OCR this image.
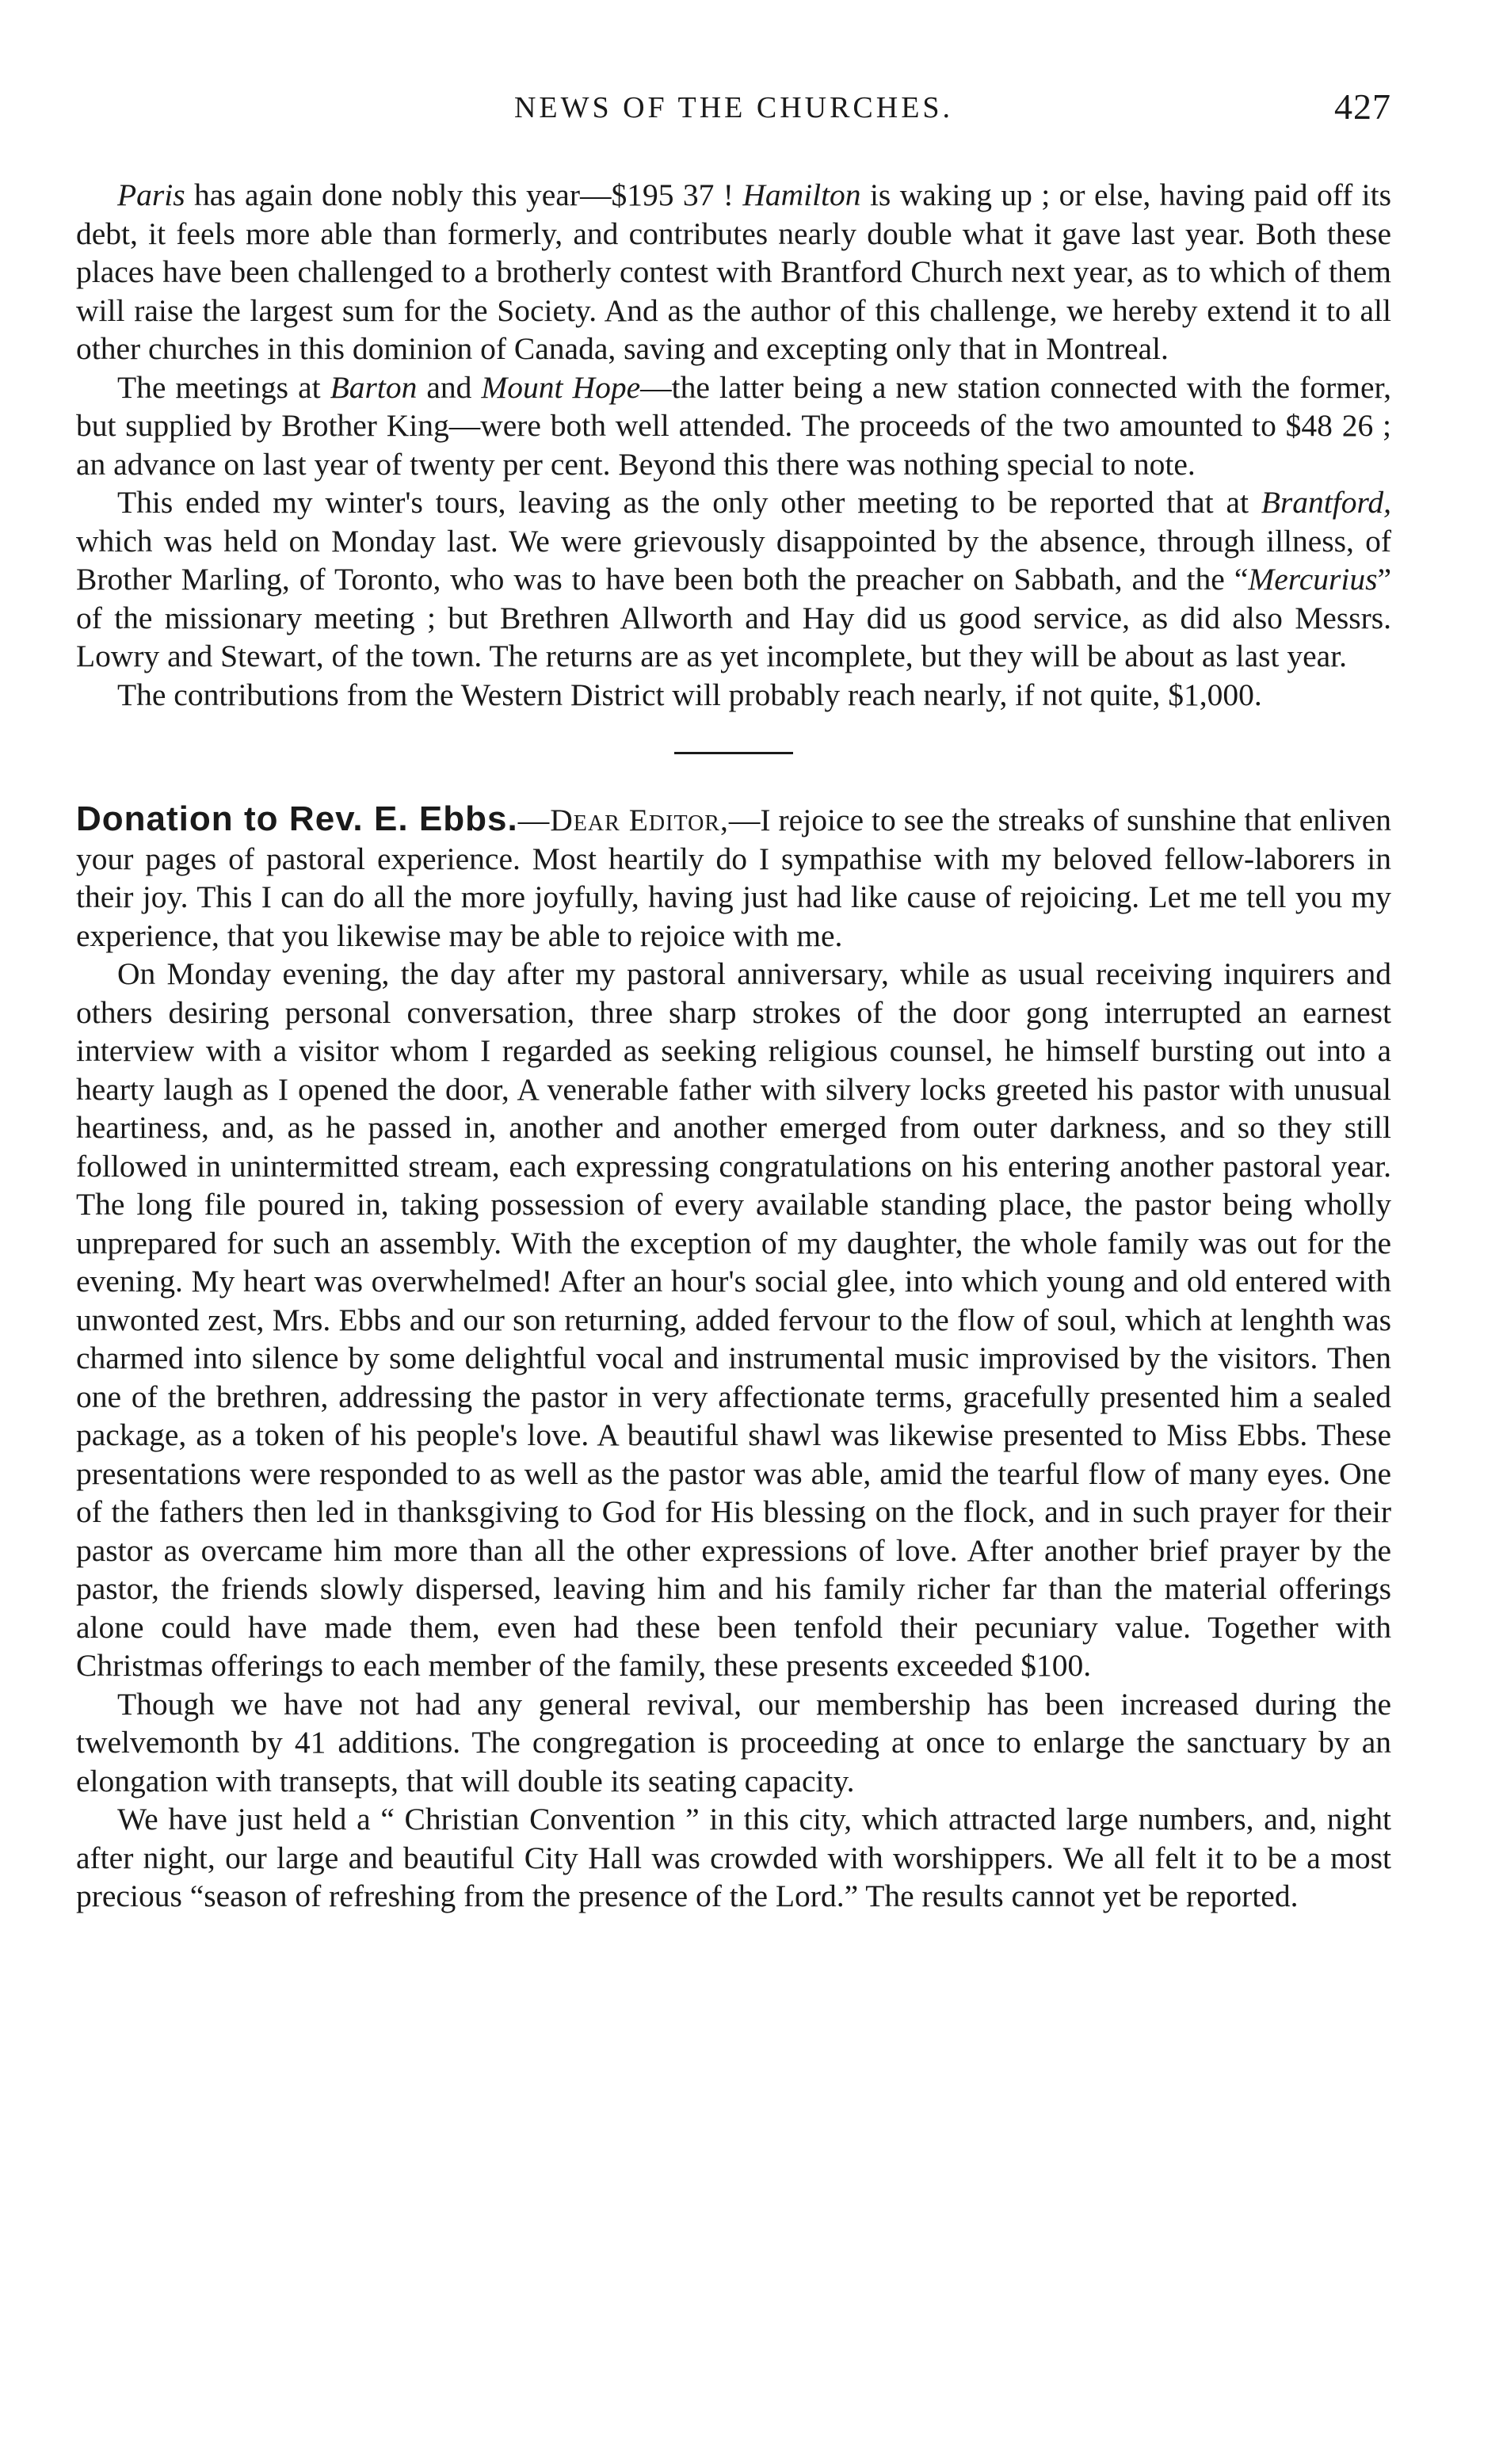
NEWS OF THE CHURCHES.	427

Paris has again done nobly this year—$195 37 ! Hamilton is waking up ; or else, having paid off its debt, it feels more able than formerly, and contributes nearly double what it gave last year. Both these places have been challenged to a brotherly contest with Brantford Church next year, as to which of them will raise the largest sum for the Society. And as the author of this challenge, we hereby extend it to all other churches in this dominion of Canada, saving and excepting only that in Montreal.

The meetings at Barton and Mount Hope—the latter being a new station connected with the former, but supplied by Brother King—were both well attended. The proceeds of the two amounted to $48 26 ; an advance on last year of twenty per cent. Beyond this there was nothing special to note.

This ended my winter's tours, leaving as the only other meeting to be reported that at Brantford, which was held on Monday last. We were grievously disappointed by the absence, through illness, of Brother Marling, of Toronto, who was to have been both the preacher on Sabbath, and the “Mercurius” of the missionary meeting ; but Brethren Allworth and Hay did us good service, as did also Messrs. Lowry and Stewart, of the town. The returns are as yet incomplete, but they will be about as last year.

The contributions from the Western District will probably reach nearly, if not quite, $1,000.

Donation to Rev. E. Ebbs.—Dear Editor,—I rejoice to see the streaks of sunshine that enliven your pages of pastoral experience. Most heartily do I sympathise with my beloved fellow-laborers in their joy. This I can do all the more joyfully, having just had like cause of rejoicing. Let me tell you my experience, that you likewise may be able to rejoice with me.

On Monday evening, the day after my pastoral anniversary, while as usual receiving inquirers and others desiring personal conversation, three sharp strokes of the door gong interrupted an earnest interview with a visitor whom I regarded as seeking religious counsel, he himself bursting out into a hearty laugh as I opened the door, A venerable father with silvery locks greeted his pastor with unusual heartiness, and, as he passed in, another and another emerged from outer darkness, and so they still followed in unintermitted stream, each expressing congratulations on his entering another pastoral year. The long file poured in, taking possession of every available standing place, the pastor being wholly unprepared for such an assembly. With the exception of my daughter, the whole family was out for the evening. My heart was overwhelmed! After an hour's social glee, into which young and old entered with unwonted zest, Mrs. Ebbs and our son returning, added fervour to the flow of soul, which at lenghth was charmed into silence by some delightful vocal and instrumental music improvised by the visitors. Then one of the brethren, addressing the pastor in very affectionate terms, gracefully presented him a sealed package, as a token of his people's love. A beautiful shawl was likewise presented to Miss Ebbs. These presentations were responded to as well as the pastor was able, amid the tearful flow of many eyes. One of the fathers then led in thanksgiving to God for His blessing on the flock, and in such prayer for their pastor as overcame him more than all the other expressions of love. After another brief prayer by the pastor, the friends slowly dispersed, leaving him and his family richer far than the material offerings alone could have made them, even had these been tenfold their pecuniary value. Together with Christmas offerings to each member of the family, these presents exceeded $100.

Though we have not had any general revival, our membership has been increased during the twelvemonth by 41 additions. The congregation is proceeding at once to enlarge the sanctuary by an elongation with transepts, that will double its seating capacity.

We have just held a “ Christian Convention ” in this city, which attracted large numbers, and, night after night, our large and beautiful City Hall was crowded with worshippers. We all felt it to be a most precious “season of refreshing from the presence of the Lord.” The results cannot yet be reported.
